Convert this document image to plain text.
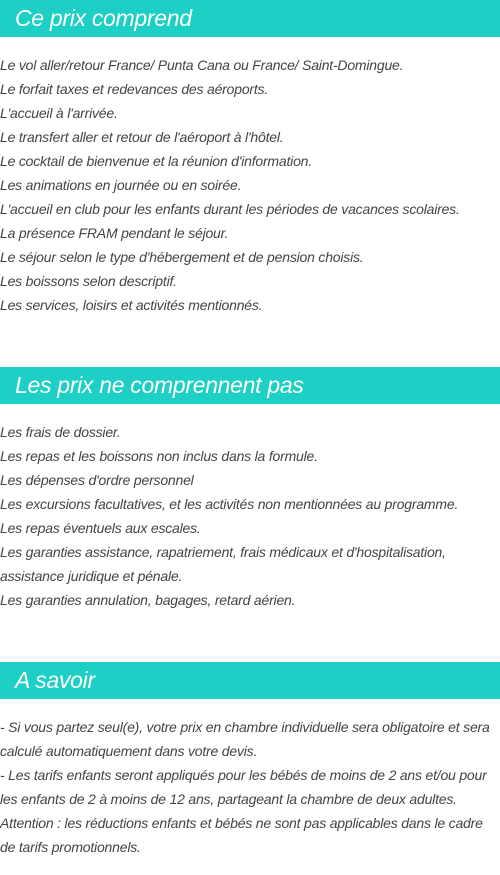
Ce prix comprend
Le vol aller/retour France/ Punta Cana ou France/ Saint-Domingue.
Le forfait taxes et redevances des aéroports.
L'accueil à l'arrivée.
Le transfert aller et retour de l'aéroport à l'hôtel.
Le cocktail de bienvenue et la réunion d'information.
Les animations en journée ou en soirée.
L'accueil en club pour les enfants durant les périodes de vacances scolaires.
La présence FRAM pendant le séjour.
Le séjour selon le type d'hébergement et de pension choisis.
Les boissons selon descriptif.
Les services, loisirs et activités mentionnés.
Les prix ne comprennent pas
Les frais de dossier.
Les repas et les boissons non inclus dans la formule.
Les dépenses d'ordre personnel
Les excursions facultatives, et les activités non mentionnées au programme.
Les repas éventuels aux escales.
Les garanties assistance, rapatriement, frais médicaux et d'hospitalisation, assistance juridique et pénale.
Les garanties annulation, bagages, retard aérien.
A savoir
- Si vous partez seul(e), votre prix en chambre individuelle sera obligatoire et sera calculé automatiquement dans votre devis.
- Les tarifs enfants seront appliqués pour les bébés de moins de 2 ans et/ou pour les enfants de 2 à moins de 12 ans, partageant la chambre de deux adultes.
Attention : les réductions enfants et bébés ne sont pas applicables dans le cadre de tarifs promotionnels.
